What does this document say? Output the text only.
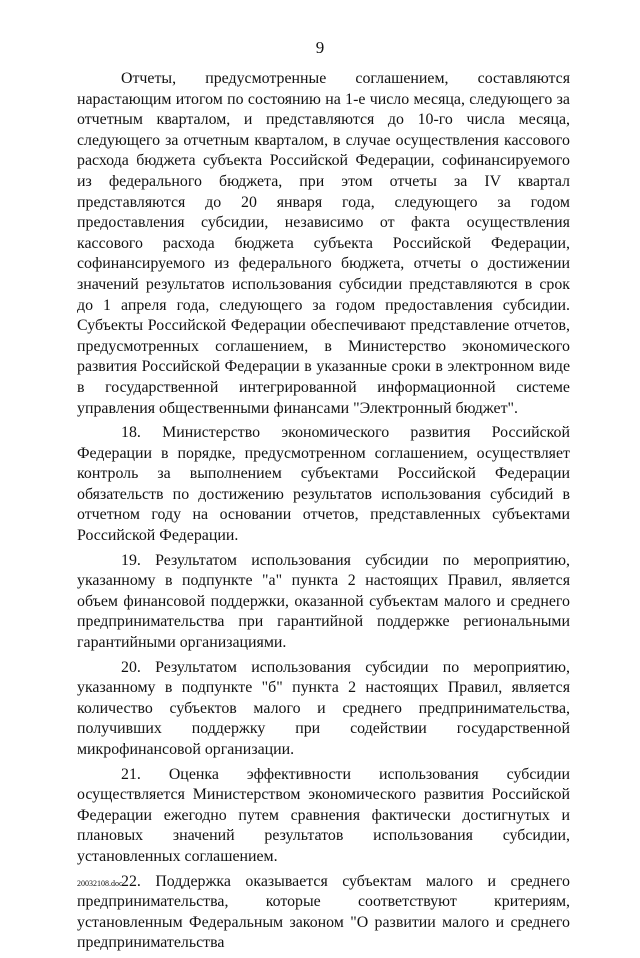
9

Отчеты, предусмотренные соглашением, составляются нарастающим итогом по состоянию на 1-е число месяца, следующего за отчетным кварталом, и представляются до 10-го числа месяца, следующего за отчетным кварталом, в случае осуществления кассового расхода бюджета субъекта Российской Федерации, софинансируемого из федерального бюджета, при этом отчеты за IV квартал представляются до 20 января года, следующего за годом предоставления субсидии, независимо от факта осуществления кассового расхода бюджета субъекта Российской Федерации, софинансируемого из федерального бюджета, отчеты о достижении значений результатов использования субсидии представляются в срок до 1 апреля года, следующего за годом предоставления субсидии. Субъекты Российской Федерации обеспечивают представление отчетов, предусмотренных соглашением, в Министерство экономического развития Российской Федерации в указанные сроки в электронном виде в государственной интегрированной информационной системе управления общественными финансами "Электронный бюджет".

18. Министерство экономического развития Российской Федерации в порядке, предусмотренном соглашением, осуществляет контроль за выполнением субъектами Российской Федерации обязательств по достижению результатов использования субсидий в отчетном году на основании отчетов, представленных субъектами Российской Федерации.

19. Результатом использования субсидии по мероприятию, указанному в подпункте "а" пункта 2 настоящих Правил, является объем финансовой поддержки, оказанной субъектам малого и среднего предпринимательства при гарантийной поддержке региональными гарантийными организациями.

20. Результатом использования субсидии по мероприятию, указанному в подпункте "б" пункта 2 настоящих Правил, является количество субъектов малого и среднего предпринимательства, получивших поддержку при содействии государственной микрофинансовой организации.

21. Оценка эффективности использования субсидии осуществляется Министерством экономического развития Российской Федерации ежегодно путем сравнения фактически достигнутых и плановых значений результатов использования субсидии, установленных соглашением.

22. Поддержка оказывается субъектам малого и среднего предпринимательства, которые соответствуют критериям, установленным Федеральным законом "О развитии малого и среднего предпринимательства

20032108.doc
